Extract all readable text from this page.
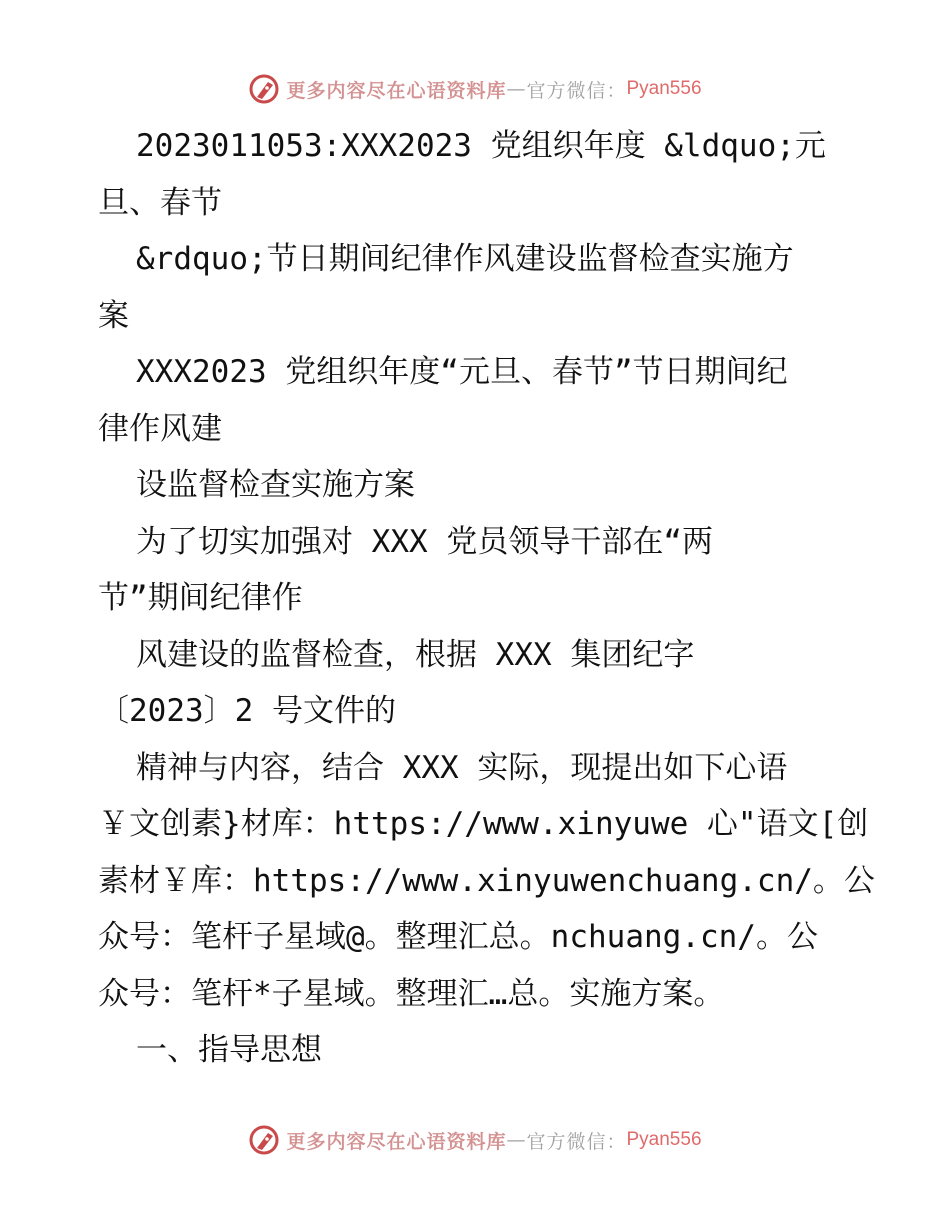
更多内容尽在心语资料库 — 官方微信： Pyan556
2023011053:XXX2023 党组织年度 &ldquo;元
旦、春节
&rdquo;节日期间纪律作风建设监督检查实施方
案
XXX2023 党组织年度“元旦、春节”节日期间纪
律作风建
设监督检查实施方案
为了切实加强对 XXX 党员领导干部在“两
节”期间纪律作
风建设的监督检查，根据 XXX 集团纪字
〔2023〕2 号文件的
精神与内容，结合 XXX 实际，现提出如下心语
￥文创素}材库：https://www.xinyuwe 心"语文[创
素材￥库：https://www.xinyuwenchuang.cn/。公
众号：笔杆子星域@。整理汇总。nchuang.cn/。公
众号：笔杆*子星域。整理汇…总。实施方案。
一、指导思想
更多内容尽在心语资料库 — 官方微信： Pyan556
